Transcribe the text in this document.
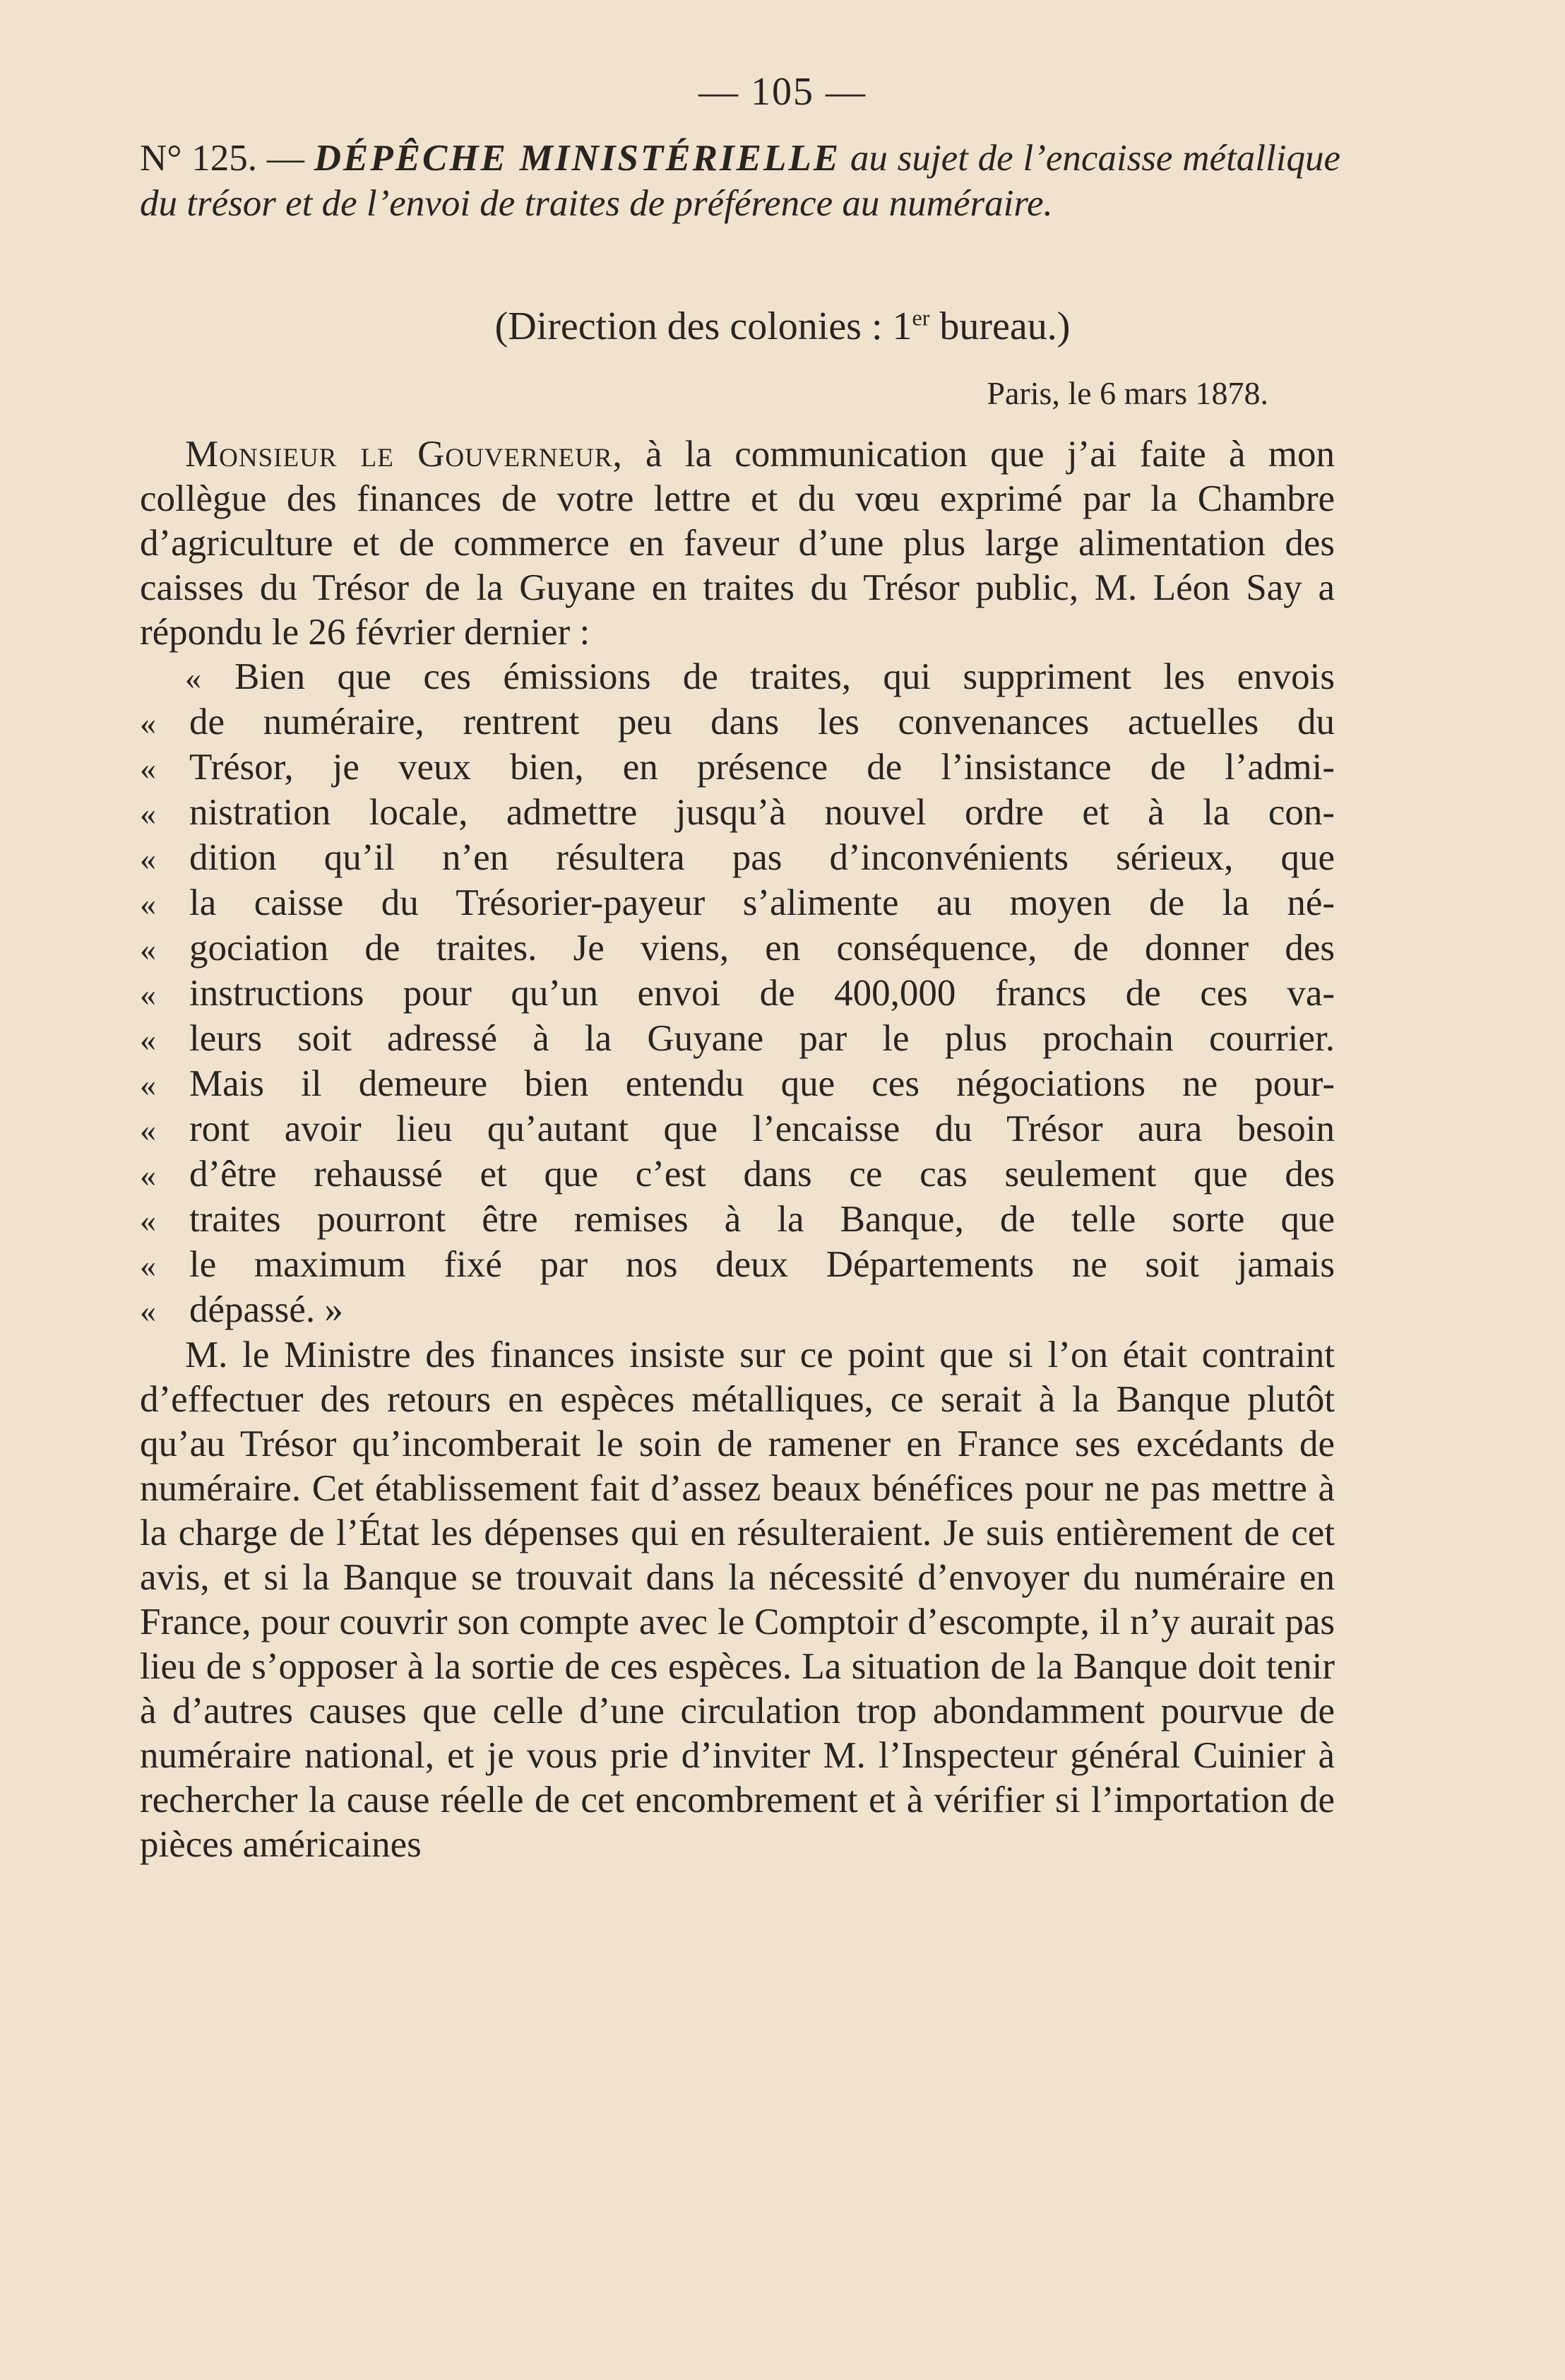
— 105 —
N° 125. — DÉPÊCHE MINISTÉRIELLE au sujet de l’encaisse métallique du trésor et de l’envoi de traites de préférence au numéraire.
(Direction des colonies : 1er bureau.)
Paris, le 6 mars 1878.

Monsieur le Gouverneur, à la communication que j’ai faite à mon collègue des finances de votre lettre et du vœu exprimé par la Chambre d’agriculture et de commerce en faveur d’une plus large alimentation des caisses du Trésor de la Guyane en traites du Trésor public, M. Léon Say a répondu le 26 février dernier :

« Bien que ces émissions de traites, qui suppriment les envois
« de numéraire, rentrent peu dans les convenances actuelles du
« Trésor, je veux bien, en présence de l’insistance de l’admi-
« nistration locale, admettre jusqu’à nouvel ordre et à la con-
« dition qu’il n’en résultera pas d’inconvénients sérieux, que
« la caisse du Trésorier-payeur s’alimente au moyen de la né-
« gociation de traites. Je viens, en conséquence, de donner des
« instructions pour qu’un envoi de 400,000 francs de ces va-
« leurs soit adressé à la Guyane par le plus prochain courrier.
« Mais il demeure bien entendu que ces négociations ne pour-
« ront avoir lieu qu’autant que l’encaisse du Trésor aura besoin
« d’être rehaussé et que c’est dans ce cas seulement que des
« traites pourront être remises à la Banque, de telle sorte que
« le maximum fixé par nos deux Départements ne soit jamais
« dépassé. »

M. le Ministre des finances insiste sur ce point que si l’on était contraint d’effectuer des retours en espèces métalliques, ce serait à la Banque plutôt qu’au Trésor qu’incomberait le soin de ramener en France ses excédants de numéraire. Cet établissement fait d’assez beaux bénéfices pour ne pas mettre à la charge de l’État les dépenses qui en résulteraient. Je suis entièrement de cet avis, et si la Banque se trouvait dans la nécessité d’envoyer du numéraire en France, pour couvrir son compte avec le Comptoir d’escompte, il n’y aurait pas lieu de s’opposer à la sortie de ces espèces. La situation de la Banque doit tenir à d’autres causes que celle d’une circulation trop abondamment pourvue de numéraire national, et je vous prie d’inviter M. l’Inspecteur général Cuinier à rechercher la cause réelle de cet encombrement et à vérifier si l’importation de pièces américaines
